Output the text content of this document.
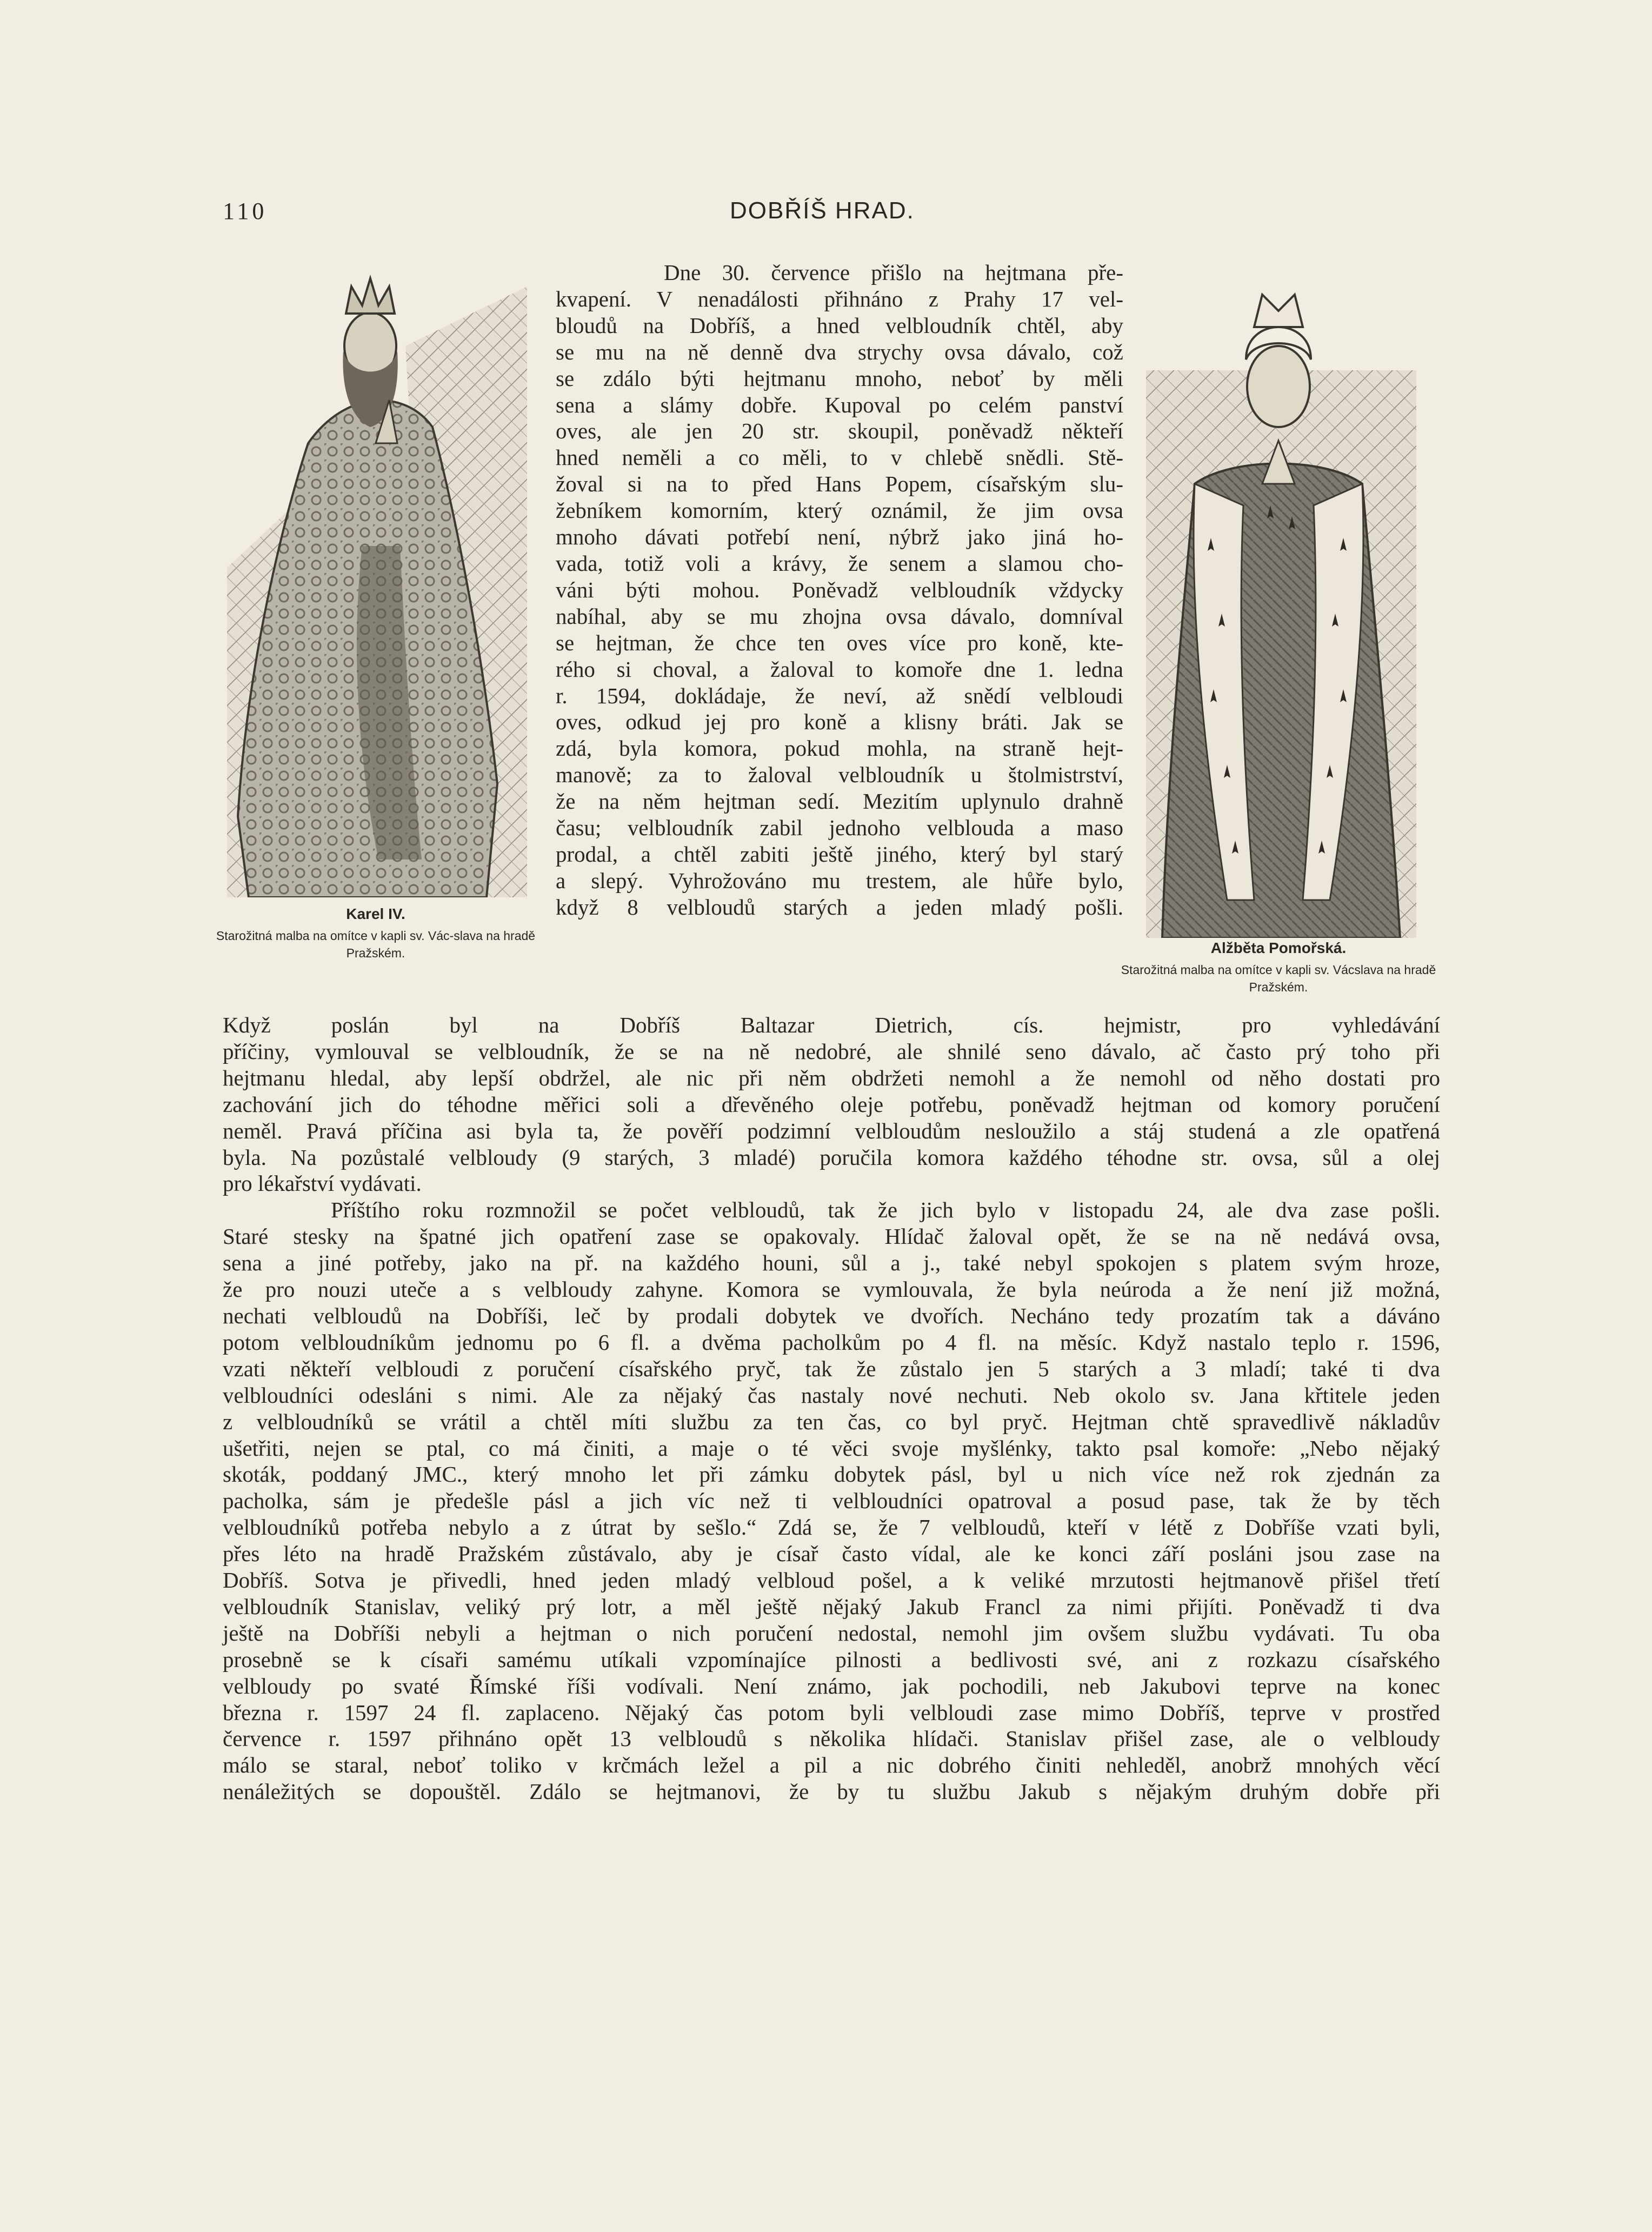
110	DOBŘÍŠ HRAD.
Karel IV.
Starožitná malba na omítce v kapli sv. Vác-slava na hradě Pražském.	Alžběta Pomořská.
Starožitná malba na omítce v kapli sv. Vácslava na hradě Pražském.
Dne 30. července přišlo na hejtmana pře-
kvapení. V nenadálosti přihnáno z Prahy 17 vel-
bloudů na Dobříš, a hned velbloudník chtěl, aby
se mu na ně denně dva strychy ovsa dávalo, což
se zdálo býti hejtmanu mnoho, neboť by měli
sena a slámy dobře. Kupoval po celém panství
oves, ale jen 20 str. skoupil, poněvadž někteří
hned neměli a co měli, to v chlebě snědli. Stě-
žoval si na to před Hans Popem, císařským slu-
žebníkem komorním, který oznámil, že jim ovsa
mnoho dávati potřebí není, nýbrž jako jiná ho-
vada, totiž voli a krávy, že senem a slamou cho-
váni býti mohou. Poněvadž velbloudník vždycky
nabíhal, aby se mu zhojna ovsa dávalo, domníval
se hejtman, že chce ten oves více pro koně, kte-
rého si choval, a žaloval to komoře dne 1. ledna
r. 1594, dokládaje, že neví, až snědí velbloudi
oves, odkud jej pro koně a klisny bráti. Jak se
zdá, byla komora, pokud mohla, na straně hejt-
manově; za to žaloval velbloudník u štolmistrství,
že na něm hejtman sedí. Mezitím uplynulo drahně
času; velbloudník zabil jednoho velblouda a maso
prodal, a chtěl zabiti ještě jiného, který byl starý
a slepý. Vyhrožováno mu trestem, ale hůře bylo,
když 8 velbloudů starých a jeden mladý pošli.

Když poslán byl na Dobříš Baltazar Dietrich, cís. hejmistr, pro vyhledávání
příčiny, vymlouval se velbloudník, že se na ně nedobré, ale shnilé seno dávalo, ač často prý toho při
hejtmanu hledal, aby lepší obdržel, ale nic při něm obdržeti nemohl a že nemohl od něho dostati pro
zachování jich do téhodne měřici soli a dřevěného oleje potřebu, poněvadž hejtman od komory poručení
neměl. Pravá příčina asi byla ta, že pověří podzimní velbloudům nesloužilo a stáj studená a zle opatřená
byla. Na pozůstalé velbloudy (9 starých, 3 mladé) poručila komora každého téhodne str. ovsa, sůl a olej
pro lékařství vydávati.

Příštího roku rozmnožil se počet velbloudů, tak že jich bylo v listopadu 24, ale dva zase pošli.
Staré stesky na špatné jich opatření zase se opakovaly. Hlídač žaloval opět, že se na ně nedává ovsa,
sena a jiné potřeby, jako na př. na každého houni, sůl a j., také nebyl spokojen s platem svým hroze,
že pro nouzi uteče a s velbloudy zahyne. Komora se vymlouvala, že byla neúroda a že není již možná,
nechati velbloudů na Dobříši, leč by prodali dobytek ve dvořích. Necháno tedy prozatím tak a dáváno
potom velbloudníkům jednomu po 6 fl. a dvěma pacholkům po 4 fl. na měsíc. Když nastalo teplo r. 1596,
vzati někteří velbloudi z poručení císařského pryč, tak že zůstalo jen 5 starých a 3 mladí; také ti dva
velbloudníci odesláni s nimi. Ale za nějaký čas nastaly nové nechuti. Neb okolo sv. Jana křtitele jeden
z velbloudníků se vrátil a chtěl míti službu za ten čas, co byl pryč. Hejtman chtě spravedlivě nákladův
ušetřiti, nejen se ptal, co má činiti, a maje o té věci svoje myšlénky, takto psal komoře: „Nebo nějaký
skoták, poddaný JMC., který mnoho let při zámku dobytek pásl, byl u nich více než rok zjednán za
pacholka, sám je předešle pásl a jich víc než ti velbloudníci opatroval a posud pase, tak že by těch
velbloudníků potřeba nebylo a z útrat by sešlo.“ Zdá se, že 7 velbloudů, kteří v létě z Dobříše vzati byli,
přes léto na hradě Pražském zůstávalo, aby je císař často vídal, ale ke konci září posláni jsou zase na
Dobříš. Sotva je přivedli, hned jeden mladý velbloud pošel, a k veliké mrzutosti hejtmanově přišel třetí
velbloudník Stanislav, veliký prý lotr, a měl ještě nějaký Jakub Francl za nimi přijíti. Poněvadž ti dva
ještě na Dobříši nebyli a hejtman o nich poručení nedostal, nemohl jim ovšem službu vydávati. Tu oba
prosebně se k císaři samému utíkali vzpomínajíce pilnosti a bedlivosti své, ani z rozkazu císařského
velbloudy po svaté Římské říši vodívali. Není známo, jak pochodili, neb Jakubovi teprve na konec
března r. 1597 24 fl. zaplaceno. Nějaký čas potom byli velbloudi zase mimo Dobříš, teprve v prostřed
července r. 1597 přihnáno opět 13 velbloudů s několika hlídači. Stanislav přišel zase, ale o velbloudy
málo se staral, neboť toliko v krčmách ležel a pil a nic dobrého činiti nehleděl, anobrž mnohých věcí
nenáležitých se dopouštěl. Zdálo se hejtmanovi, že by tu službu Jakub s nějakým druhým dobře při
